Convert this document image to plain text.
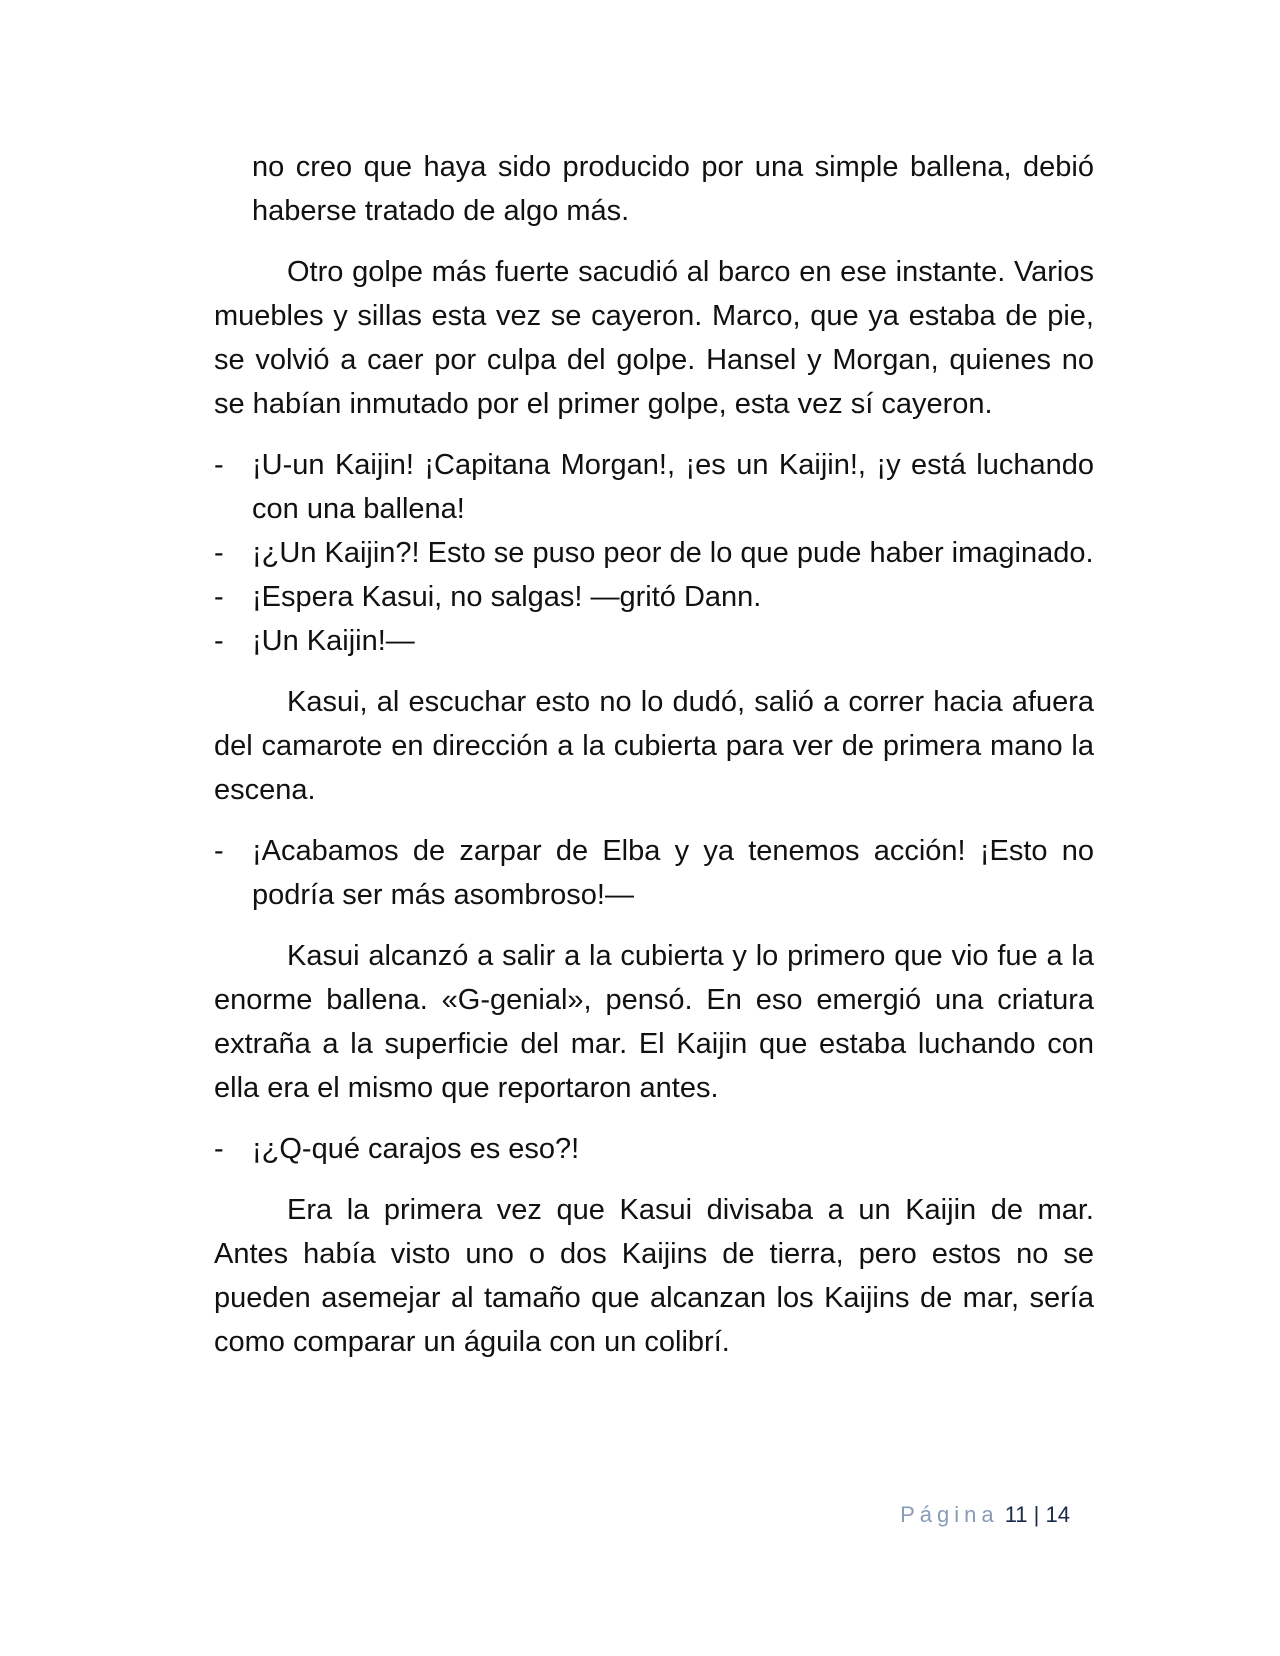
no creo que haya sido producido por una simple ballena, debió haberse tratado de algo más.

Otro golpe más fuerte sacudió al barco en ese instante. Varios muebles y sillas esta vez se cayeron. Marco, que ya estaba de pie, se volvió a caer por culpa del golpe. Hansel y Morgan, quienes no se habían inmutado por el primer golpe, esta vez sí cayeron.

- ¡U-un Kaijin! ¡Capitana Morgan!, ¡es un Kaijin!, ¡y está luchando con una ballena!
- ¡¿Un Kaijin?! Esto se puso peor de lo que pude haber imaginado.
- ¡Espera Kasui, no salgas! —gritó Dann.
- ¡Un Kaijin!—

Kasui, al escuchar esto no lo dudó, salió a correr hacia afuera del camarote en dirección a la cubierta para ver de primera mano la escena.

- ¡Acabamos de zarpar de Elba y ya tenemos acción! ¡Esto no podría ser más asombroso!—

Kasui alcanzó a salir a la cubierta y lo primero que vio fue a la enorme ballena. «G-genial», pensó. En eso emergió una criatura extraña a la superficie del mar. El Kaijin que estaba luchando con ella era el mismo que reportaron antes.

- ¡¿Q-qué carajos es eso?!

Era la primera vez que Kasui divisaba a un Kaijin de mar. Antes había visto uno o dos Kaijins de tierra, pero estos no se pueden asemejar al tamaño que alcanzan los Kaijins de mar, sería como comparar un águila con un colibrí.

Página 11 | 14
